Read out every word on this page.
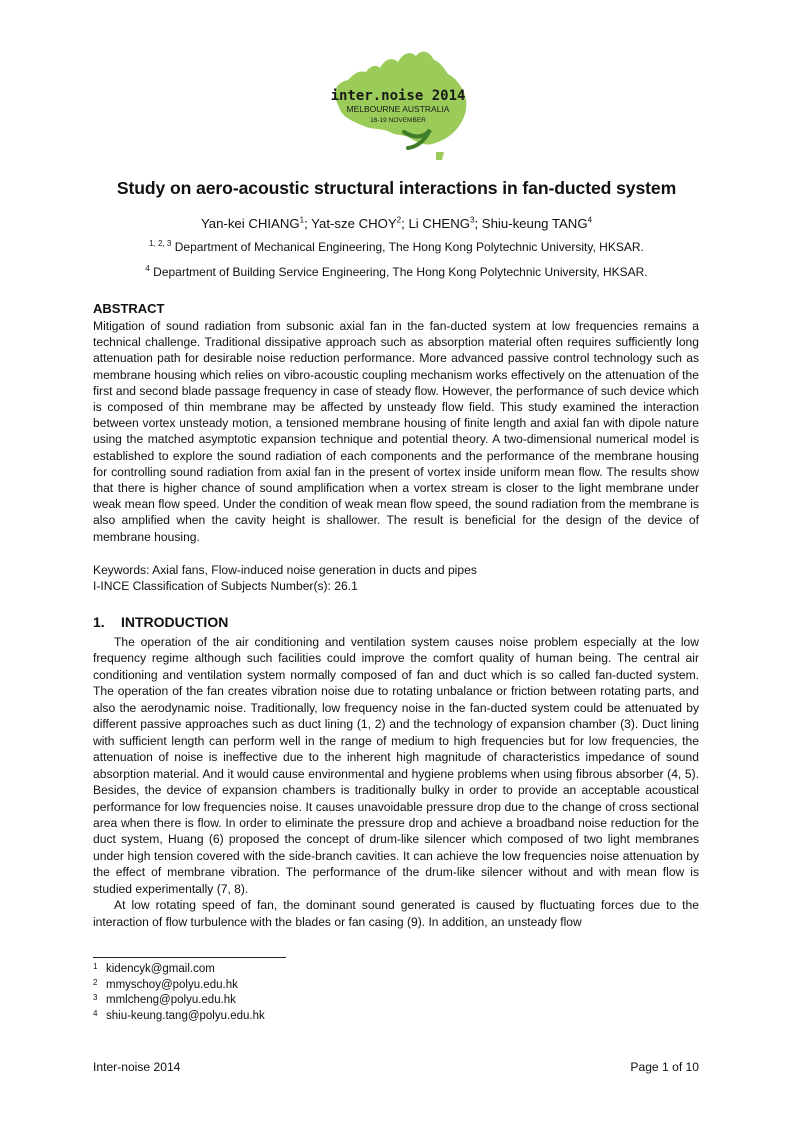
inter.noise 2014
MELBOURNE AUSTRALIA
16-19 NOVEMBER
Study on aero-acoustic structural interactions in fan-ducted system
Yan-kei CHIANG$^1$; Yat-sze CHOY$^2$; Li CHENG$^3$; Shiu-keung TANG$^4$
$^{1, 2, 3}$ Department of Mechanical Engineering, The Hong Kong Polytechnic University, HKSAR.
$^4$ Department of Building Service Engineering, The Hong Kong Polytechnic University, HKSAR.
ABSTRACT
Mitigation of sound radiation from subsonic axial fan in the fan-ducted system at low frequencies remains a technical challenge. Traditional dissipative approach such as absorption material often requires sufficiently long attenuation path for desirable noise reduction performance. More advanced passive control technology such as membrane housing which relies on vibro-acoustic coupling mechanism works effectively on the attenuation of the first and second blade passage frequency in case of steady flow. However, the performance of such device which is composed of thin membrane may be affected by unsteady flow field. This study examined the interaction between vortex unsteady motion, a tensioned membrane housing of finite length and axial fan with dipole nature using the matched asymptotic expansion technique and potential theory. A two-dimensional numerical model is established to explore the sound radiation of each components and the performance of the membrane housing for controlling sound radiation from axial fan in the present of vortex inside uniform mean flow. The results show that there is higher chance of sound amplification when a vortex stream is closer to the light membrane under weak mean flow speed. Under the condition of weak mean flow speed, the sound radiation from the membrane is also amplified when the cavity height is shallower. The result is beneficial for the design of the device of membrane housing.
Keywords: Axial fans, Flow-induced noise generation in ducts and pipes
I-INCE Classification of Subjects Number(s): 26.1
1. INTRODUCTION
The operation of the air conditioning and ventilation system causes noise problem especially at the low frequency regime although such facilities could improve the comfort quality of human being. The central air conditioning and ventilation system normally composed of fan and duct which is so called fan-ducted system. The operation of the fan creates vibration noise due to rotating unbalance or friction between rotating parts, and also the aerodynamic noise. Traditionally, low frequency noise in the fan-ducted system could be attenuated by different passive approaches such as duct lining (1, 2) and the technology of expansion chamber (3). Duct lining with sufficient length can perform well in the range of medium to high frequencies but for low frequencies, the attenuation of noise is ineffective due to the inherent high magnitude of characteristics impedance of sound absorption material. And it would cause environmental and hygiene problems when using fibrous absorber (4, 5). Besides, the device of expansion chambers is traditionally bulky in order to provide an acceptable acoustical performance for low frequencies noise. It causes unavoidable pressure drop due to the change of cross sectional area when there is flow. In order to eliminate the pressure drop and achieve a broadband noise reduction for the duct system, Huang (6) proposed the concept of drum-like silencer which composed of two light membranes under high tension covered with the side-branch cavities. It can achieve the low frequencies noise attenuation by the effect of membrane vibration. The performance of the drum-like silencer without and with mean flow is studied experimentally (7, 8).
At low rotating speed of fan, the dominant sound generated is caused by fluctuating forces due to the interaction of flow turbulence with the blades or fan casing (9). In addition, an unsteady flow
1 kidencyk@gmail.com
2 mmyschoy@polyu.edu.hk
3 mmlcheng@polyu.edu.hk
4 shiu-keung.tang@polyu.edu.hk
Inter-noise 2014	Page 1 of 10
